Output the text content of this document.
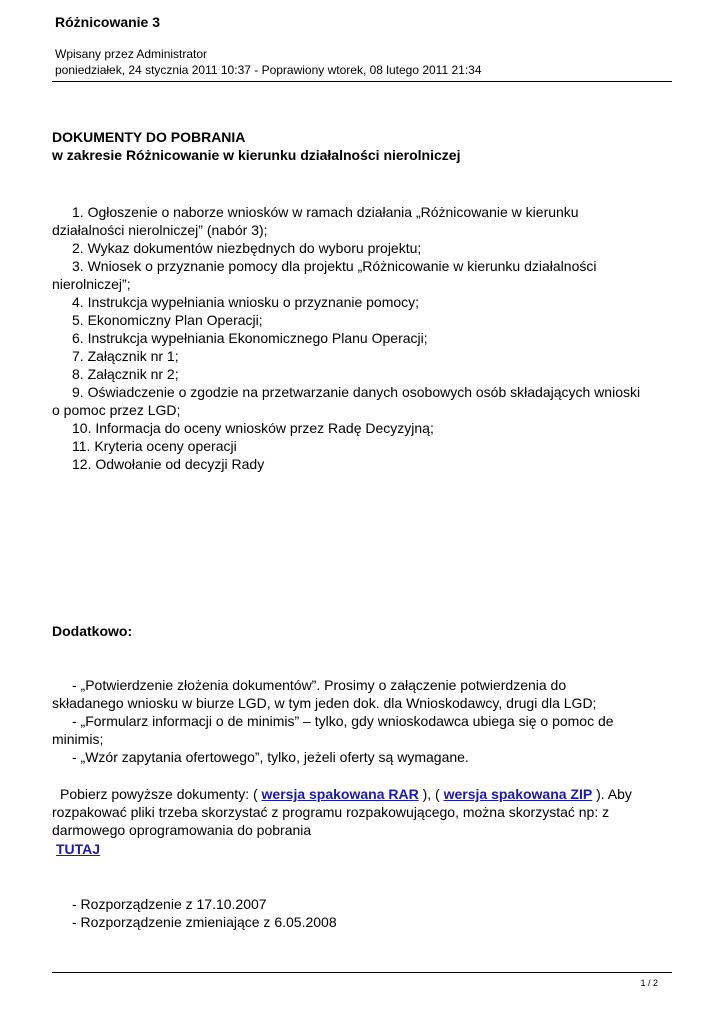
Różnicowanie 3
Wpisany przez Administrator
poniedziałek, 24 stycznia 2011 10:37 - Poprawiony wtorek, 08 lutego 2011 21:34
DOKUMENTY DO POBRANIA
w zakresie Różnicowanie w kierunku działalności nierolniczej
1. Ogłoszenie o naborze wniosków w ramach działania „Różnicowanie w kierunku
działalności nierolniczej” (nabór 3);
2. Wykaz dokumentów niezbędnych do wyboru projektu;
3. Wniosek o przyznanie pomocy dla projektu „Różnicowanie w kierunku działalności
nierolniczej”;
4. Instrukcja wypełniania wniosku o przyznanie pomocy;
5. Ekonomiczny Plan Operacji;
6. Instrukcja wypełniania Ekonomicznego Planu Operacji;
7. Załącznik nr 1;
8. Załącznik nr 2;
9. Oświadczenie o zgodzie na przetwarzanie danych osobowych osób składających wnioski
o pomoc przez LGD;
10. Informacja do oceny wniosków przez Radę Decyzyjną;
11. Kryteria oceny operacji
12. Odwołanie od decyzji Rady
Dodatkowo:
- „Potwierdzenie złożenia dokumentów”. Prosimy o załączenie potwierdzenia do
składanego wniosku w biurze LGD, w tym jeden dok. dla Wnioskodawcy, drugi dla LGD;
- „Formularz informacji o de minimis” – tylko, gdy wnioskodawca ubiega się o pomoc de
minimis;
- „Wzór zapytania ofertowego”, tylko, jeżeli oferty są wymagane.
Pobierz powyższe dokumenty: ( wersja spakowana RAR ), ( wersja spakowana ZIP ). Aby
rozpakować pliki trzeba skorzystać z programu rozpakowującego, można skorzystać np: z
darmowego oprogramowania do pobrania
TUTAJ
- Rozporządzenie z 17.10.2007
- Rozporządzenie zmieniające z 6.05.2008
1 / 2
